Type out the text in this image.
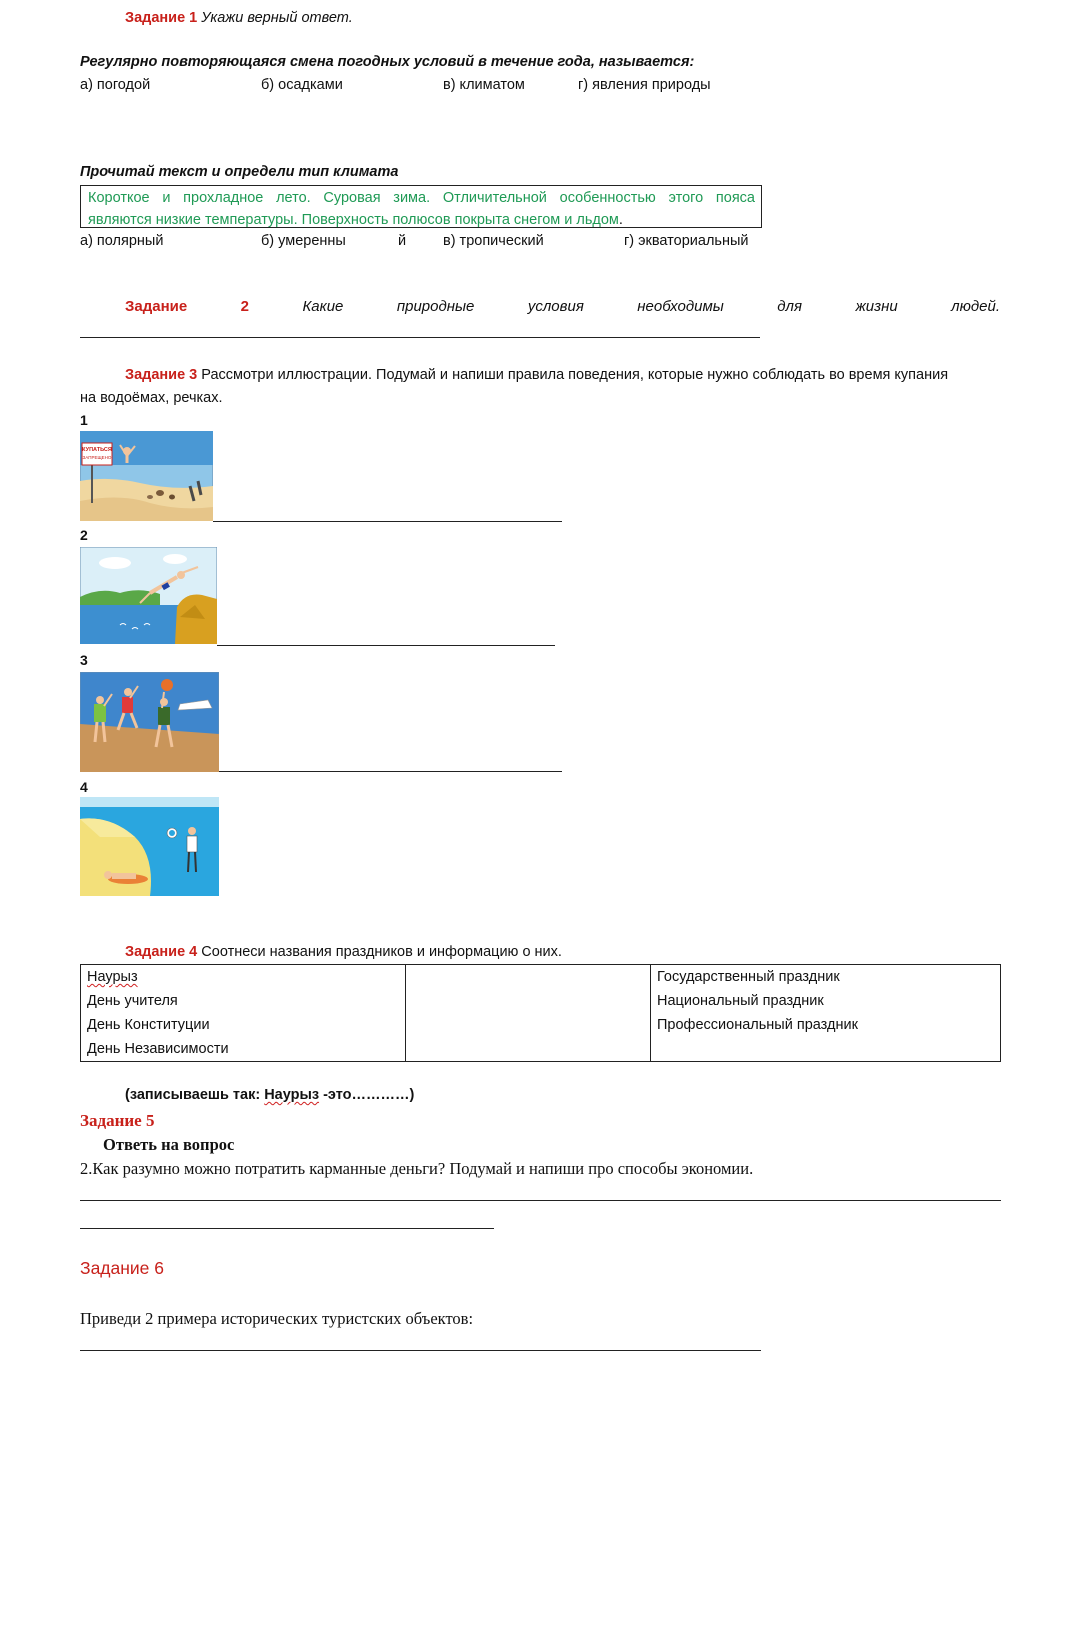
Задание 1 Укажи верный ответ.
Регулярно повторяющаяся смена погодных условий в течение года, называется:
а) погодой	б) осадками	в) климатом	г) явления природы
Прочитай текст и определи тип климата
Короткое и прохладное лето. Суровая зима. Отличительной особенностью этого пояса
являются низкие температуры. Поверхность полюсов покрыта снегом и льдом.
а) полярный	б) умеренны	й	в) тропический	г) экваториальный
Задание	2	Какие	природные	условия	необходимы	для	жизни	людей.
Задание 3 Рассмотри иллюстрации. Подумай и напиши правила поведения, которые нужно соблюдать во время купания
на водоёмах, речках.
1
КУПАТЬСЯ
ЗАПРЕЩЕНО
2
3
4
Задание 4 Соотнеси названия праздников и информацию о них.
Наурыз		Государственный праздник
День учителя		Национальный праздник
День Конституции		Профессиональный праздник
День Независимости		
(записываешь так: Наурыз -это…………)
Задание 5
Ответь на вопрос
2.Как разумно можно потратить карманные деньги? Подумай и напиши про способы экономии.
Задание 6
Приведи 2 примера исторических туристских объектов:
